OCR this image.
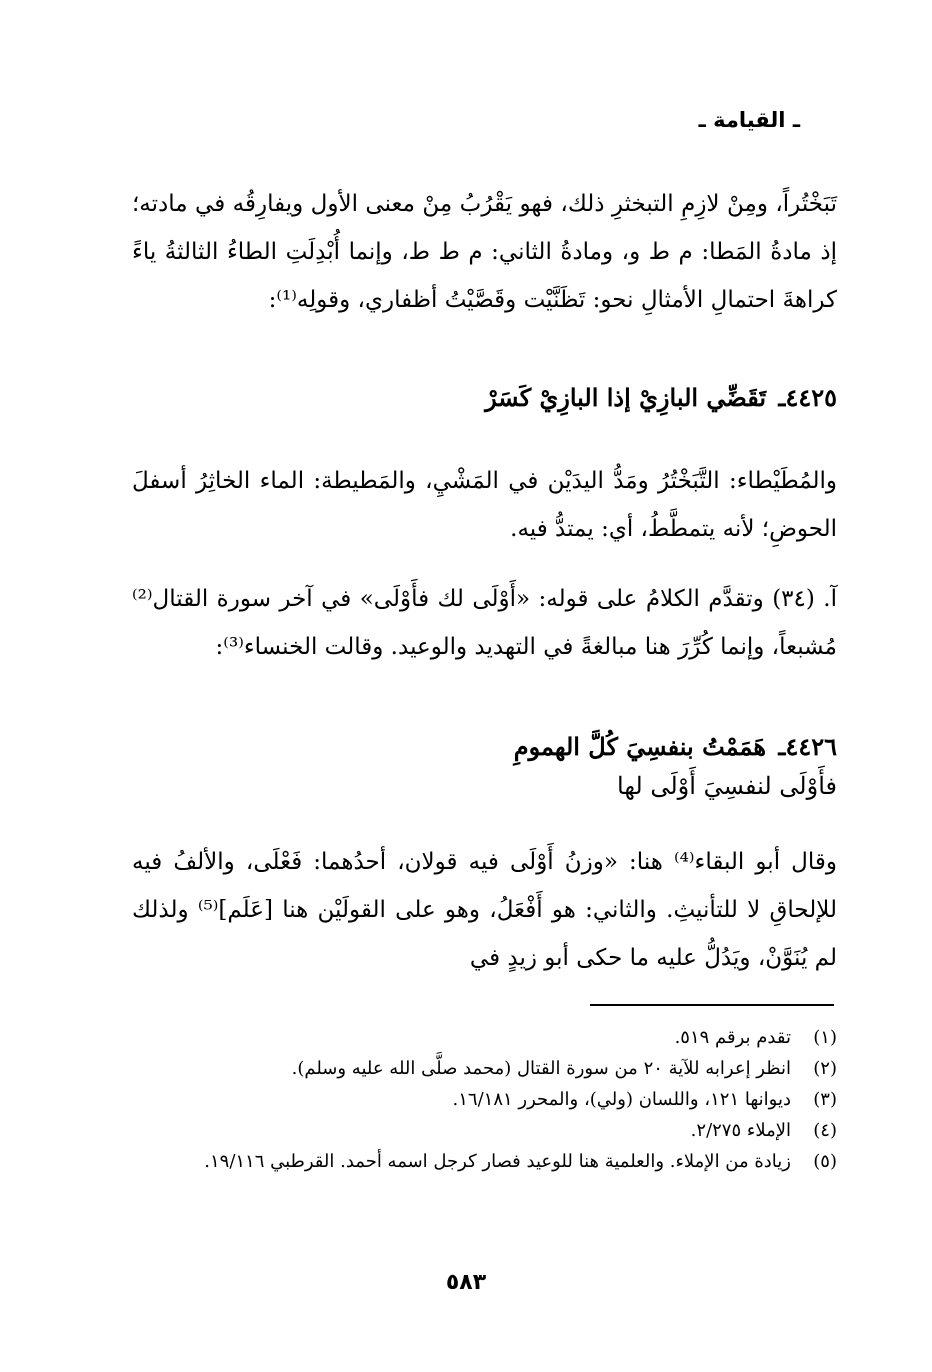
ـ القيامة ـ
تَبَخْتُراً، ومِنْ لازِمِ التبخثرِ ذلك، فهو يَقْرُبُ مِنْ معنى الأول ويفارِقُه في مادته؛ إذ مادةُ المَطا: م ط و، ومادةُ الثاني: م ط ط، وإنما أُبْدِلَتِ الطاءُ الثالثةُ ياءً كراهةَ احتمالِ الأمثالِ نحو: تَظَنَّيْت وقَصَّيْتُ أظفاري، وقولِه⁽¹⁾:
٤٤٢٥ـ تَقَضِّي البازِيْ إذا البازِيْ كَسَرْ
والمُطَيْطاء: التَّبَخْتُرُ ومَدُّ اليدَيْن في المَشْيِ، والمَطيطة: الماء الخاثِرُ أسفلَ الحوضِ؛ لأنه يتمطَّطُ، أي: يمتدُّ فيه.
آ. (٣٤) وتقدَّم الكلامُ على قوله: «أَوْلَى لك فأَوْلَى» في آخر سورة القتال⁽²⁾ مُشبعاً، وإنما كُرِّرَ هنا مبالغةً في التهديد والوعيد. وقالت الخنساء⁽³⁾:
٤٤٢٦ـ هَمَمْتُ بنفسِيَ كُلَّ الهمومِ
فأَوْلَى لنفسِيَ أَوْلَى لها
وقال أبو البقاء⁽⁴⁾ هنا: «وزنُ أَوْلَى فيه قولان، أحدُهما: فَعْلَى، والألفُ فيه للإلحاقِ لا للتأنيثِ. والثاني: هو أَفْعَلُ، وهو على القولَيْن هنا [عَلَم]⁽⁵⁾ ولذلك لم يُنَوَّنْ، ويَدُلُّ عليه ما حكى أبو زيدٍ في
(١)
تقدم برقم ٥١٩.
(٢)
انظر إعرابه للآية ٢٠ من سورة القتال (محمد صلَّى الله عليه وسلم).
(٣)
ديوانها ١٢١، واللسان (ولي)، والمحرر ١٦/١٨١.
(٤)
الإملاء ٢/٢٧٥.
(٥)
زيادة من الإملاء. والعلمية هنا للوعيد فصار كرجل اسمه أحمد. القرطبي ١٩/١١٦.
٥٨٣
